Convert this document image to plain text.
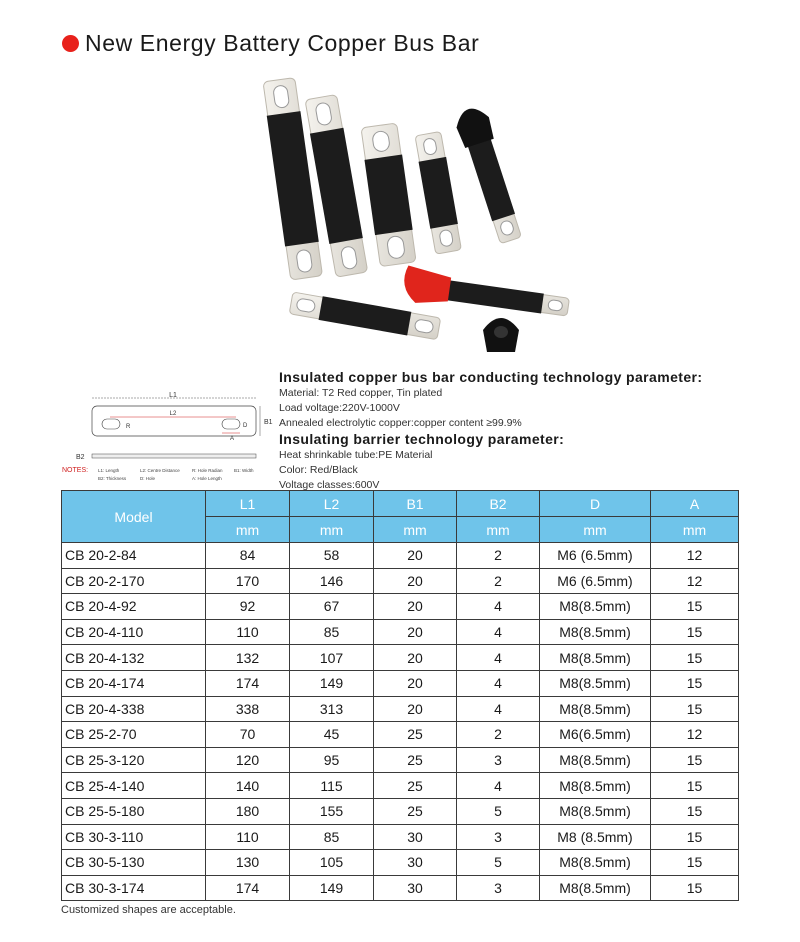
New Energy Battery Copper Bus Bar
L1
L2
R	D
A
B1
B2
NOTES: L1: Length	L2: Centre Distance	R: Hole Radian	B1: Width
B2: Thickness	D: Hole	A: Hole Length
Insulated copper bus bar conducting technology parameter:
Material: T2 Red copper, Tin plated
Load voltage:220V-1000V
Annealed electrolytic copper:copper content ≥99.9%
Insulating barrier technology parameter:
Heat shrinkable tube:PE Material
Color: Red/Black
Voltage classes:600V
Model	L1	L2	B1	B2	D	A
	mm	mm	mm	mm	mm	mm
CB 20-2-84	84	58	20	2	M6 (6.5mm)	12
CB 20-2-170	170	146	20	2	M6 (6.5mm)	12
CB 20-4-92	92	67	20	4	M8(8.5mm)	15
CB 20-4-110	110	85	20	4	M8(8.5mm)	15
CB 20-4-132	132	107	20	4	M8(8.5mm)	15
CB 20-4-174	174	149	20	4	M8(8.5mm)	15
CB 20-4-338	338	313	20	4	M8(8.5mm)	15
CB 25-2-70	70	45	25	2	M6(6.5mm)	12
CB 25-3-120	120	95	25	3	M8(8.5mm)	15
CB 25-4-140	140	115	25	4	M8(8.5mm)	15
CB 25-5-180	180	155	25	5	M8(8.5mm)	15
CB 30-3-110	110	85	30	3	M8 (8.5mm)	15
CB 30-5-130	130	105	30	5	M8(8.5mm)	15
CB 30-3-174	174	149	30	3	M8(8.5mm)	15
Customized shapes are acceptable.
